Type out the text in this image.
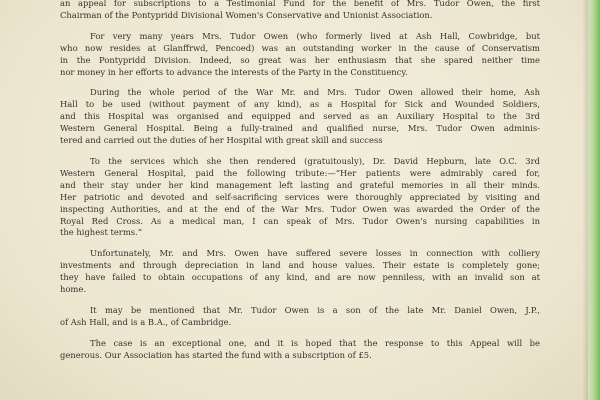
an appeal for subscriptions to a Testimonial Fund for the benefit of Mrs. Tudor Owen, the first
Chairman of the Pontypridd Divisional Women's Conservative and Unionist Association.
For very many years Mrs. Tudor Owen (who formerly lived at Ash Hall, Cowbridge, but
who now resides at Glanffrwd, Pencoed) was an outstanding worker in the cause of Conservatism
in the Pontypridd Division. Indeed, so great was her enthusiasm that she spared neither time
nor money in her efforts to advance the interests of the Party in the Constituency.
During the whole period of the War Mr. and Mrs. Tudor Owen allowed their home, Ash
Hall to be used (without payment of any kind), as a Hospital for Sick and Wounded Soldiers,
and this Hospital was organised and equipped and served as an Auxiliary Hospital to the 3rd
Western General Hospital. Being a fully-trained and qualified nurse, Mrs. Tudor Owen adminis-
tered and carried out the duties of her Hospital with great skill and success
To the services which she then rendered (gratuitously), Dr. David Hepburn, late O.C. 3rd
Western General Hospital, paid the following tribute:—“Her patients were admirably cared for,
and their stay under her kind management left lasting and grateful memories in all their minds.
Her patriotic and devoted and self-sacrificing services were thoroughly appreciated by visiting and
inspecting Authorities, and at the end of the War Mrs. Tudor Owen was awarded the Order of the
Royal Red Cross. As a medical man, I can speak of Mrs. Tudor Owen's nursing capabilities in
the highest terms.”
Unfortunately, Mr. and Mrs. Owen have suffered severe losses in connection with colliery
investments and through depreciation in land and house values. Their estate is completely gone;
they have failed to obtain occupations of any kind, and are now penniless, with an invalid son at
home.
It may be mentioned that Mr. Tudor Owen is a son of the late Mr. Daniel Owen, J.P.,
of Ash Hall, and is a B.A., of Cambridge.
The case is an exceptional one, and it is hoped that the response to this Appeal will be
generous. Our Association has started the fund with a subscription of £5.
